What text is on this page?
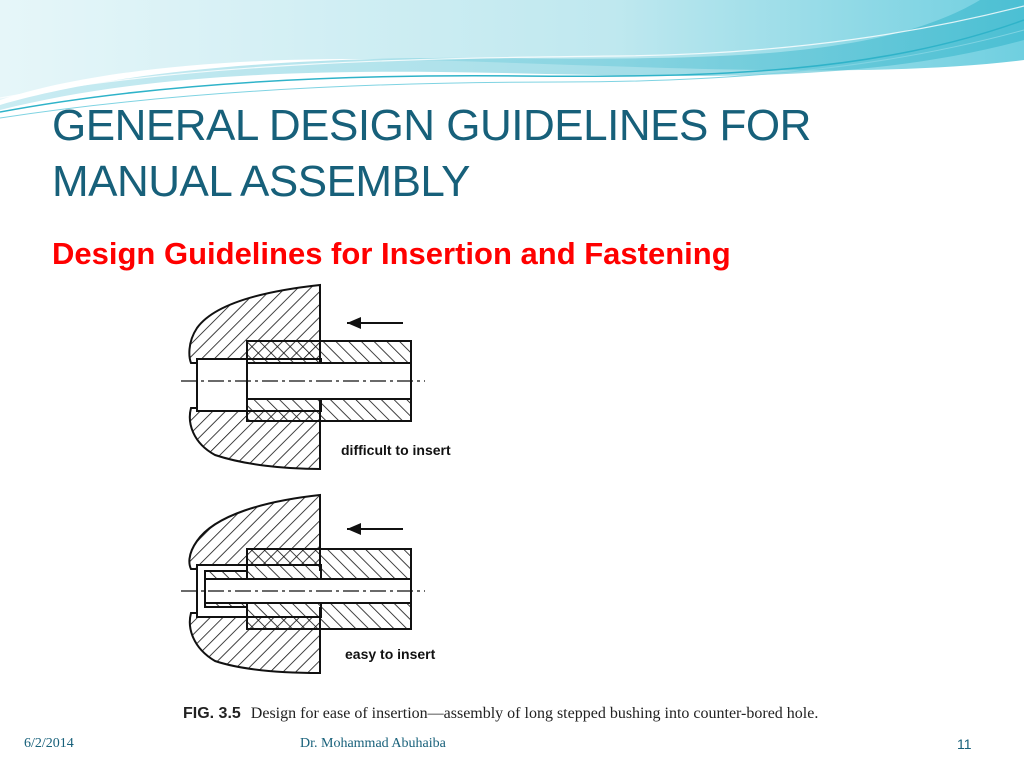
GENERAL DESIGN GUIDELINES FOR MANUAL ASSEMBLY
Design Guidelines for Insertion and Fastening
difficult to insert
easy to insert
FIG. 3.5 Design for ease of insertion—assembly of long stepped bushing into counter-bored hole.
6/2/2014	Dr. Mohammad Abuhaiba	11
